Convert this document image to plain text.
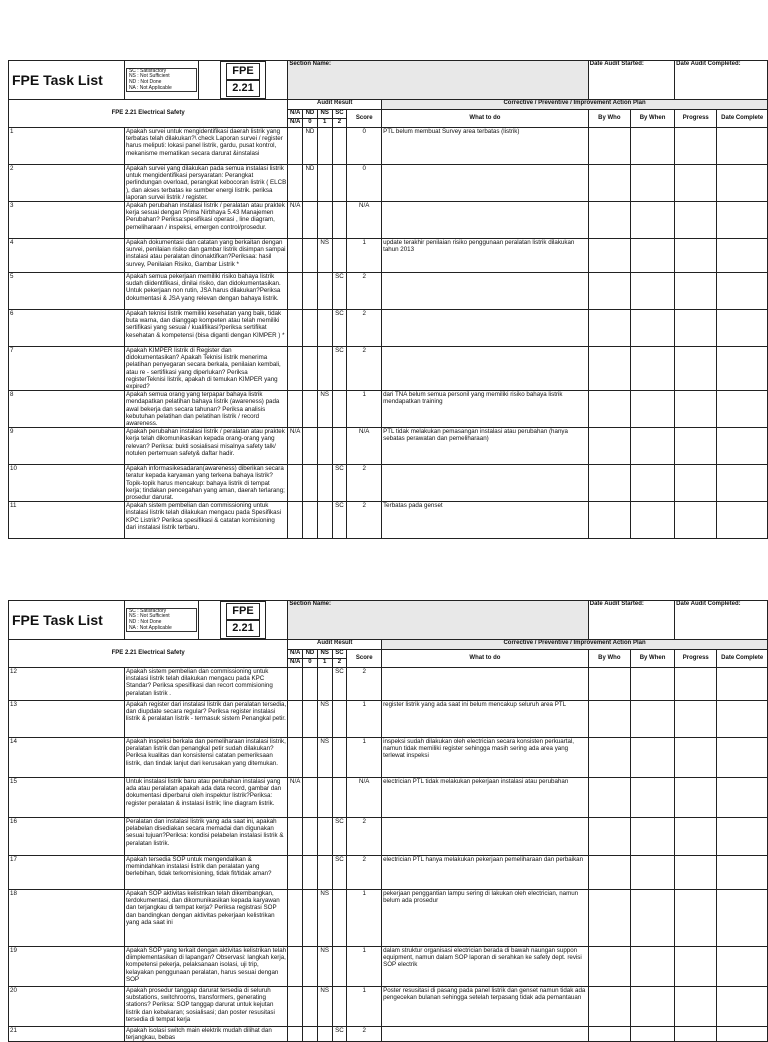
FPE Task List	SC : Satisfactory
NS : Not Sufficient
ND : Not Done
NA : Not Applicable	FPE
2.21	Section Name:						Date Audit Started:		Date Audit Completed:	
FPE 2.21 Electrical Safety			Audit Result					Corrective / Preventive / Improvement Action Plan				
			N/A	ND	NS	SC	Score	What to do	By Who	By When	Progress	Date Complete
			N/A	0	1	2						
1	Apakah survei untuk mengidentifikasi daerah listrik yang terbatas telah dilakukan?\ check Laporan survei / register harus meliputi: lokasi panel listrik, gardu, pusat kontrol, mekanisme mematikan secara darurat &instalasi			ND			0	PTL belum membuat Survey area terbatas (listrik)				
2	Apakah survei yang dilakukan pada semua instalasi listrik untuk mengidentifikasi persyaratan: Perangkat perlindungan overload, perangkat kebocoran listrik ( ELCB ), dan akses terbatas ke sumber energi listrik. periksa laporan survei listrik / register.			ND			0					
3	Apakah perubahan instalasi listrik / peralatan atau praktek kerja sesuai dengan Prima Nirbhaya 5.43 Manajemen Perubahan? Periksa:spesifikasi operasi , line diagram, pemeliharaan / inspeksi, emergen control/prosedur.		N/A				N/A					
4	Apakah dokumentasi dan catatan yang berkaitan dengan survei, penilaian risiko dan gambar listrik disimpan sampai instalasi atau peralatan dinonaktifkan?Periksaa: hasil survey, Penilaian Risiko, Gambar Listrik *				NS		1	update terakhir penilaian risiko penggunaan peralatan listrik dilakukan tahun 2013				
5	Apakah semua pekerjaan memiliki risiko bahaya listrik sudah diidentifikasi, dinilai risiko, dan didokumentasikan. Untuk pekerjaan non rutin, JSA harus dilakukan?Periksa dokumentasi & JSA yang relevan dengan bahaya listrik.					SC	2					
6	Apakah teknisi listrik memiliki kesehatan yang baik, tidak buta warna, dan dianggap kompeten atau telah memiliki sertifikasi yang sesuai / kualifikasi?periksa sertifikat kesehatan & kompetensi (bisa diganti dengan KIMPER ) *					SC	2					
7	Apakah KIMPER listrik di Register dan didokumentasikan? Apakah Teknisi listrik menerima pelatihan penyegaran secara berkala, penilaian kembali, atau re - sertifikasi yang diperlukan? Periksa registerTeknisi listrik, apakah di temukan KIMPER yang expired?					SC	2					
8	Apakah semua orang yang terpapar bahaya listrik mendapatkan pelatihan bahaya listrik (awareness) pada awal bekerja dan secara tahunan? Periksa analisis kebutuhan pelatihan dan pelatihan listrik / record awareness.				NS		1	dari TNA belum semua personil yang memiliki risiko bahaya listrik mendapatkan training				
9	Apakah perubahan instalasi listrik / peralatan atau praktek kerja telah dikomunikasikan kepada orang-orang yang relevan? Periksa: bukti sosialisasi misalnya safety talk/ notulen pertemuan safety& daftar hadir.		N/A				N/A	PTL tidak melakukan pemasangan instalasi atau perubahan (hanya sebatas perawatan dan pemeliharaan)				
10	Apakah informasikesadaran(awareness) diberikan secara teratur kepada karyawan yang terkena bahaya listrik? Topik-topik harus mencakup: bahaya listrik di tempat kerja; tindakan pencegahan yang aman, daerah terlarang; prosedur darurat.					SC	2					
11	Apakah sistem pembelian dan commissioning untuk instalasi listrik telah dilakukan mengacu pada Spesifikasi KPC Listrik? Periksa spesifikasi & catatan komisioning dari instalasi listrik terbaru.					SC	2	Terbatas pada genset				
FPE Task List	SC : Satisfactory
NS : Not Sufficient
ND : Not Done
NA : Not Applicable	FPE
2.21	Section Name:						Date Audit Started:		Date Audit Completed:	
FPE 2.21 Electrical Safety			Audit Result					Corrective / Preventive / Improvement Action Plan				
			N/A	ND	NS	SC	Score	What to do	By Who	By When	Progress	Date Complete
			N/A	0	1	2						
12	Apakah sistem pembelian dan commissioning untuk instalasi listrik telah dilakukan mengacu pada KPC Standar? Periksa spesifikasi dan recort commisioning peralatan listrik .					SC	2					
13	Apakah register dari instalasi listrik dan peralatan tersedia, dan diupdate secara regular? Periksa register instalasi listrik & peralatan listrik - termasuk sistem Penangkal petir.				NS		1	register listrik yang ada saat ini belum mencakup seluruh area PTL				
14	Apakah inspeksi berkala dan pemeliharaan instalasi listrik, peralatan listrik dan penangkal petir sudah dilakukan? Periksa kualitas dan konsistensi catatan pemeriksaan listrik, dan tindak lanjut dari kerusakan yang ditemukan.				NS		1	inspeksi sudah dilakukan oleh electrician secara konsisten perkuartal, namun tidak memiliki register sehingga masih sering ada area yang terlewat inspeksi				
15	Untuk instalasi listrik baru atau perubahan instalasi yang ada atau peralatan apakah ada data record, gambar dan dokumentasi diperbarui oleh inspektur listrik?Periksa: register peralatan & instalasi listrik; line diagram listrik.		N/A				N/A	electrician PTL tidak melakukan pekerjaan instalasi atau perubahan				
16	Peralatan dan instalasi listrik yang ada saat ini, apakah pelabelan disediakan secara memadai dan digunakan sesuai tujuan?Periksa: kondisi pelabelan instalasi listrik & peralatan listrik.					SC	2					
17	Apakah tersedia SOP untuk mengendalikan & memindahkan instalasi listrik dan peralatan yang berlebihan, tidak terkomisioning, tidak fit/tidak aman?					SC	2	electrician PTL hanya melakukan pekerjaan pemeliharaan dan perbaikan				
18	Apakah SOP aktivitas kelistrikan telah dikembangkan, terdokumentasi, dan dikomunikasikan kepada karyawan dan terjangkau di tempat kerja? Periksa registrasi SOP dan bandingkan dengan aktivitas pekerjaan kelistrikan yang ada saat ini				NS		1	pekerjaan penggantian lampu sering di lakukan oleh electrician, namun belum ada prosedur				
19	Apakah SOP yang terkait dengan aktivitas kelistrikan telah diimplementasikan di lapangan? Observasi: langkah kerja, kompetensi pekerja, pelaksanaan isolasi, uji trip, kelayakan penggunaan peralatan, harus sesuai dengan SOP				NS		1	dalam struktur organisasi electrician berada di bawah naungan suppon equipment, namun dalam SOP laporan di serahkan ke safety dept. revisi SOP electrik				
20	Apakah prosedur tanggap darurat tersedia di seluruh substations, switchrooms, transformers, generating stations? Periksa: SOP tanggap darurat untuk kejutan listrik dan kebakaran; sosialisasi; dan poster resusitasi tersedia di tempat kerja				NS		1	Poster resusitasi di pasang pada panel listrik dan genset namun tidak ada pengecekan bulanan sehingga setelah terpasang tidak ada pemantauan				
21	Apakah isolasi switch main elektrik mudah dilihat dan terjangkau, bebas					SC	2					
